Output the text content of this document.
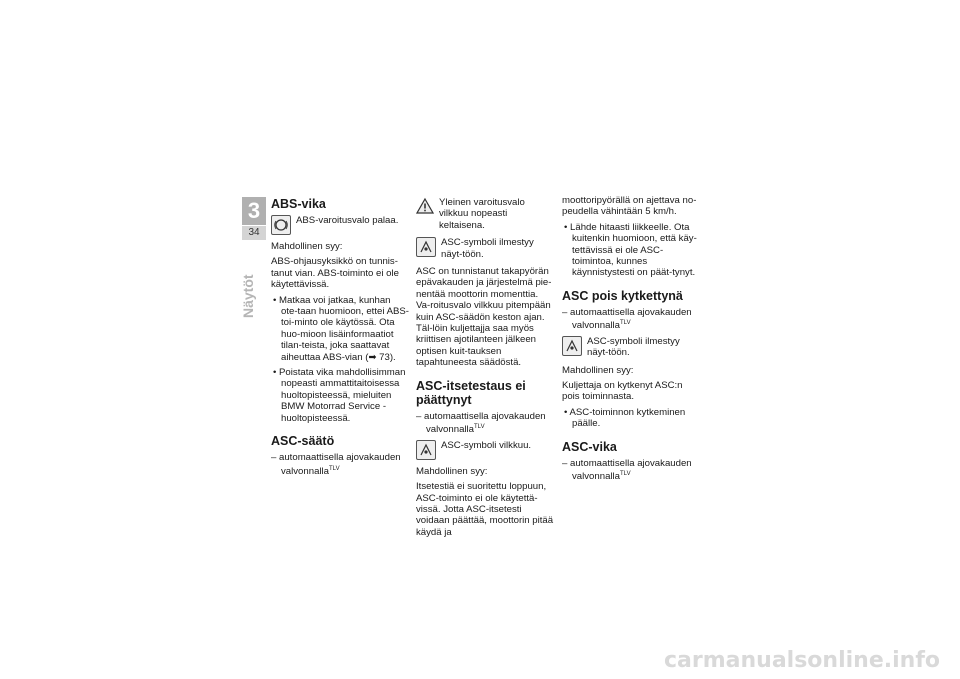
3
34
Näytöt
ABS-vika
ABS-varoitusvalo palaa.

Mahdollinen syy:

ABS-ohjausyksikkö on tunnis-tanut vian. ABS-toiminto ei ole käytettävissä.

• Matkaa voi jatkaa, kunhan ote-taan huomioon, ettei ABS-toi-minto ole käytössä. Ota huo-mioon lisäinformaatiot tilan-teista, joka saattavat aiheuttaa ABS-vian (➡ 73).

• Poistata vika mahdollisimman nopeasti ammattitaitoisessa huoltopisteessä, mieluiten BMW Motorrad Service -huoltopisteessä.

ASC-säätö

– automaattisella ajovakauden valvonnalla$^{TLV}$

Yleinen varoitusvalo vilkkuu nopeasti keltaisena.
ASC-symboli ilmestyy näyt-töön.

ASC on tunnistanut takapyörän epävakauden ja järjestelmä pie-nentää moottorin momenttia. Va-roitusvalo vilkkuu pitempään kuin ASC-säädön keston ajan. Täl-löin kuljettajja saa myös kriittisen ajotilanteen jälkeen optisen kuit-tauksen tapahtuneesta säädöstä.

ASC-itsetestaus ei päättynyt

– automaattisella ajovakauden valvonnalla$^{TLV}$

ASC-symboli vilkkuu.

Mahdollinen syy:

Itsetestiä ei suoritettu loppuun, ASC-toiminto ei ole käytettä-vissä. Jotta ASC-itsetesti voidaan päättää, moottorin pitää käydä ja

moottoripyörällä on ajettava no-peudella vähintään 5 km/h.

• Lähde hitaasti liikkeelle. Ota kuitenkin huomioon, että käy-tettävissä ei ole ASC-toimintoa, kunnes käynnistystesti on päät-tynyt.

ASC pois kytkettynä

– automaattisella ajovakauden valvonnalla$^{TLV}$

ASC-symboli ilmestyy näyt-töön.

Mahdollinen syy:

Kuljettaja on kytkenyt ASC:n pois toiminnasta.

• ASC-toiminnon kytkeminen päälle.

ASC-vika

– automaattisella ajovakauden valvonnalla$^{TLV}$

carmanualsonline.info
